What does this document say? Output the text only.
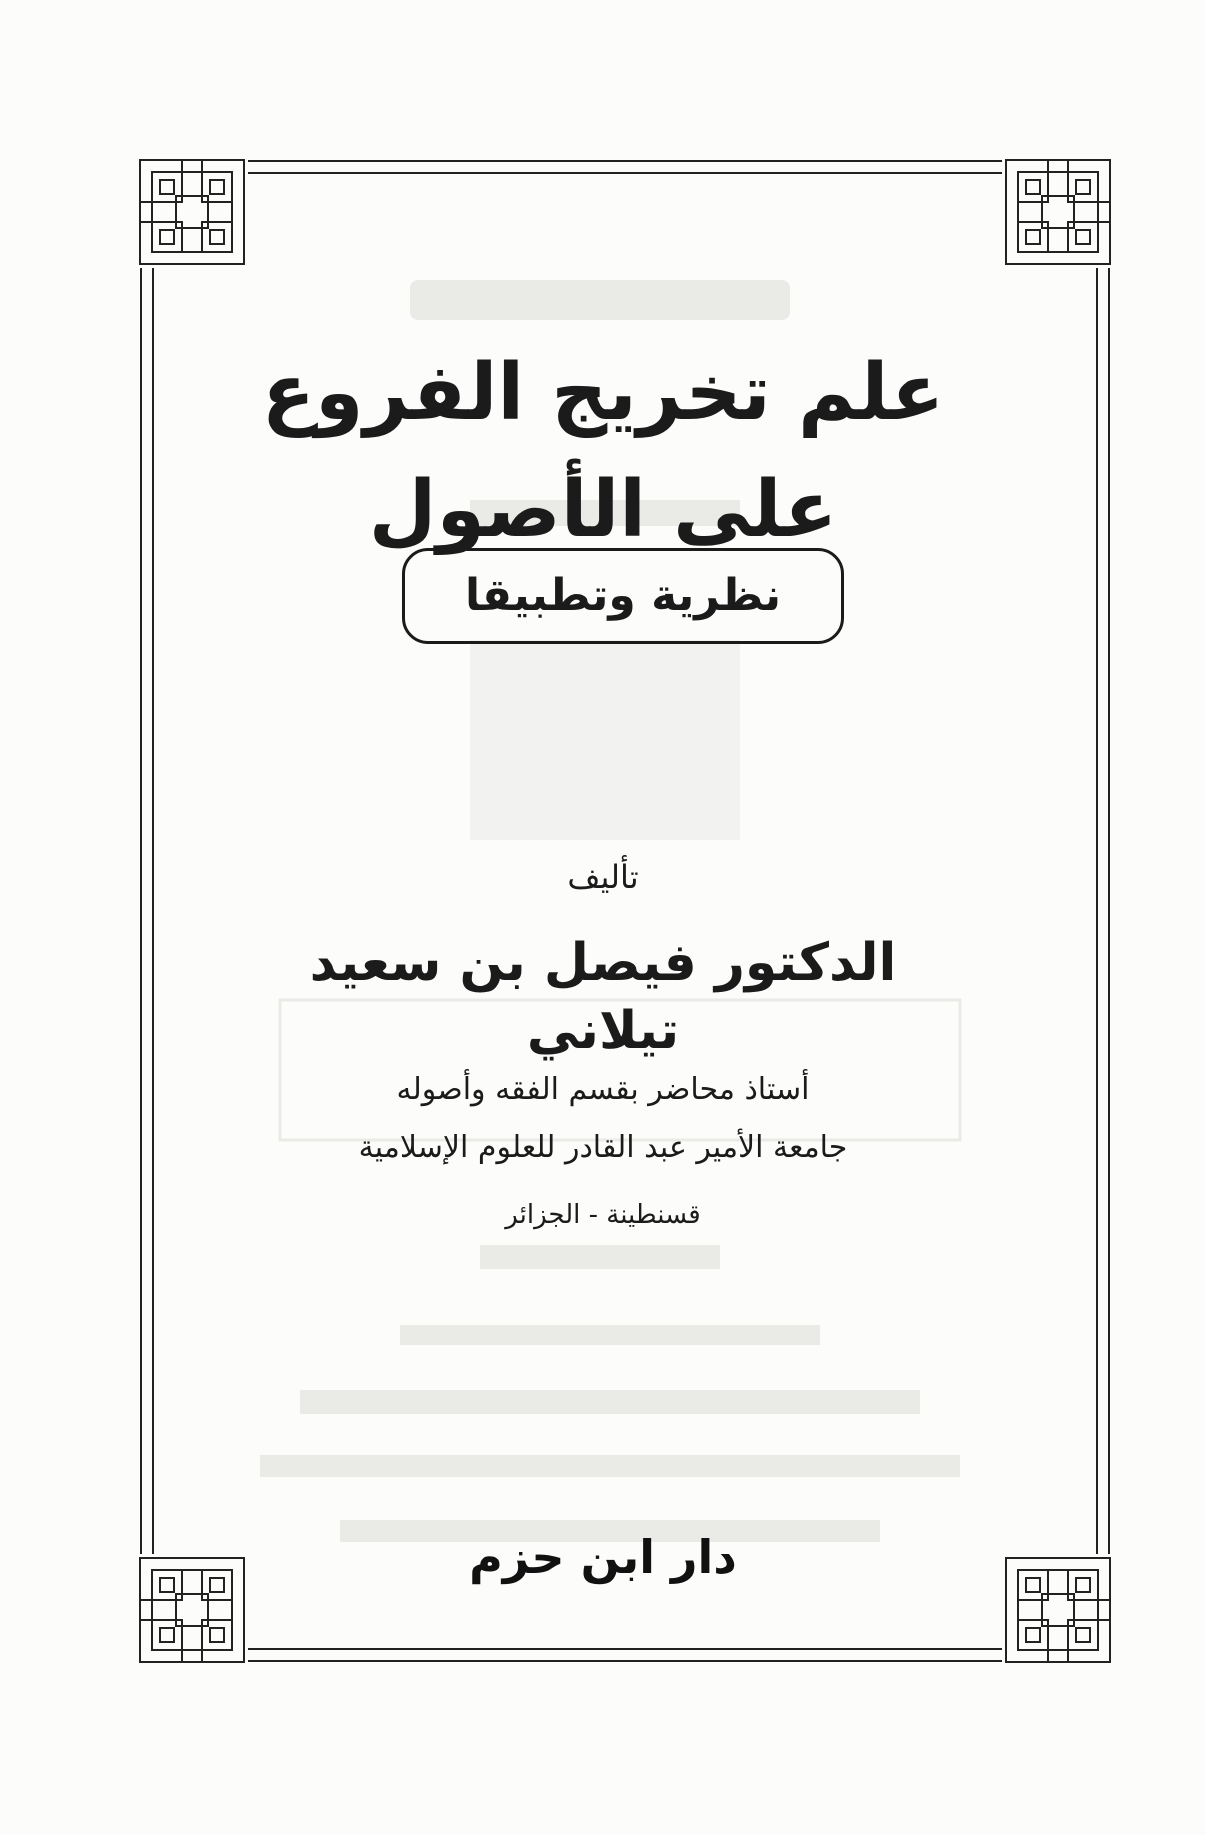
علم تخريج الفروع على الأصول
نظرية وتطبيقا
تأليف
الدكتور فيصل بن سعيد تيلاني
أستاذ محاضر بقسم الفقه وأصوله
جامعة الأمير عبد القادر للعلوم الإسلامية
قسنطينة - الجزائر
دار ابن حزم
